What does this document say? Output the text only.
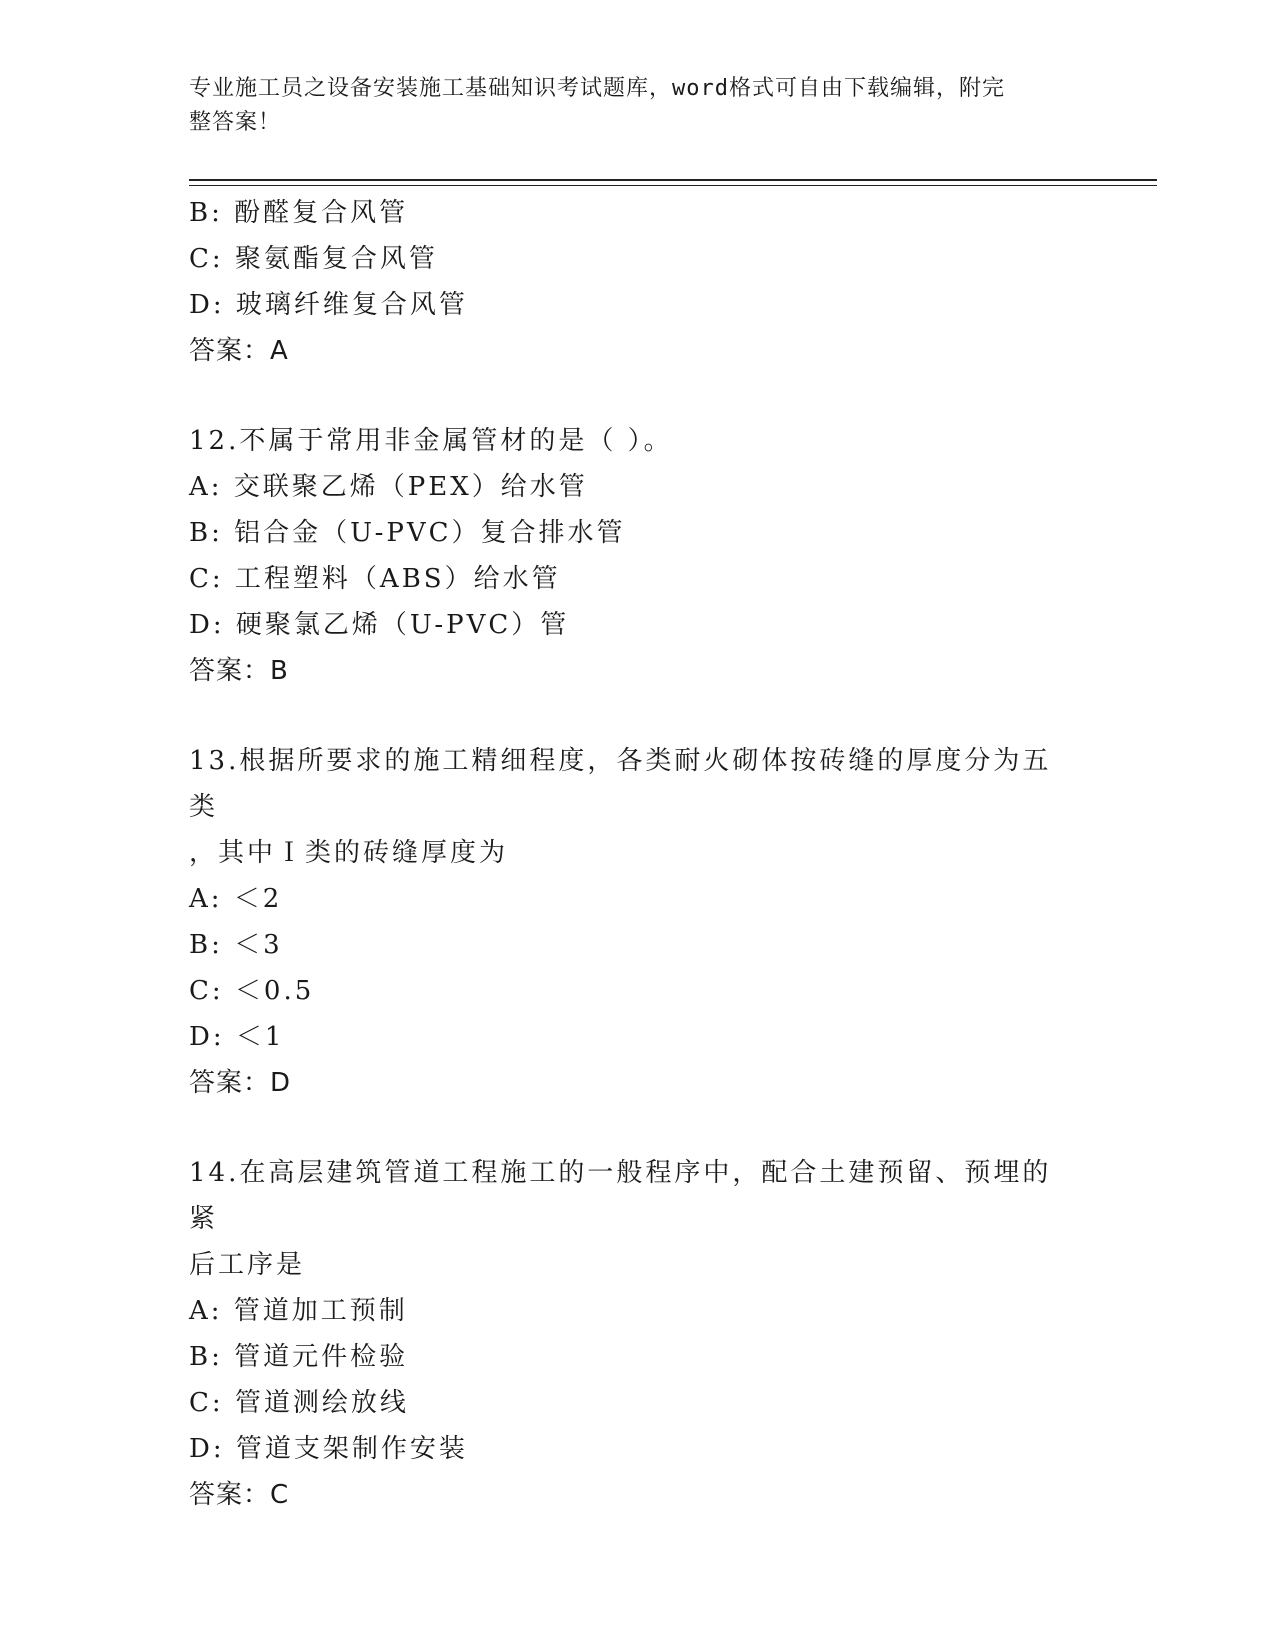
专业施工员之设备安装施工基础知识考试题库，word格式可自由下载编辑，附完
整答案！
B: 酚醛复合风管
C: 聚氨酯复合风管
D: 玻璃纤维复合风管
答案：A
12.不属于常用非金属管材的是（ ）。
A: 交联聚乙烯（PEX）给水管
B: 铝合金（U-PVC）复合排水管
C: 工程塑料（ABS）给水管
D: 硬聚氯乙烯（U-PVC）管
答案：B
13.根据所要求的施工精细程度，各类耐火砌体按砖缝的厚度分为五类
，其中Ｉ类的砖缝厚度为
A: ＜2
B: ＜3
C: ＜0.5
D: ＜1
答案：D
14.在高层建筑管道工程施工的一般程序中，配合土建预留、预埋的紧
后工序是
A: 管道加工预制
B: 管道元件检验
C: 管道测绘放线
D: 管道支架制作安装
答案：C
